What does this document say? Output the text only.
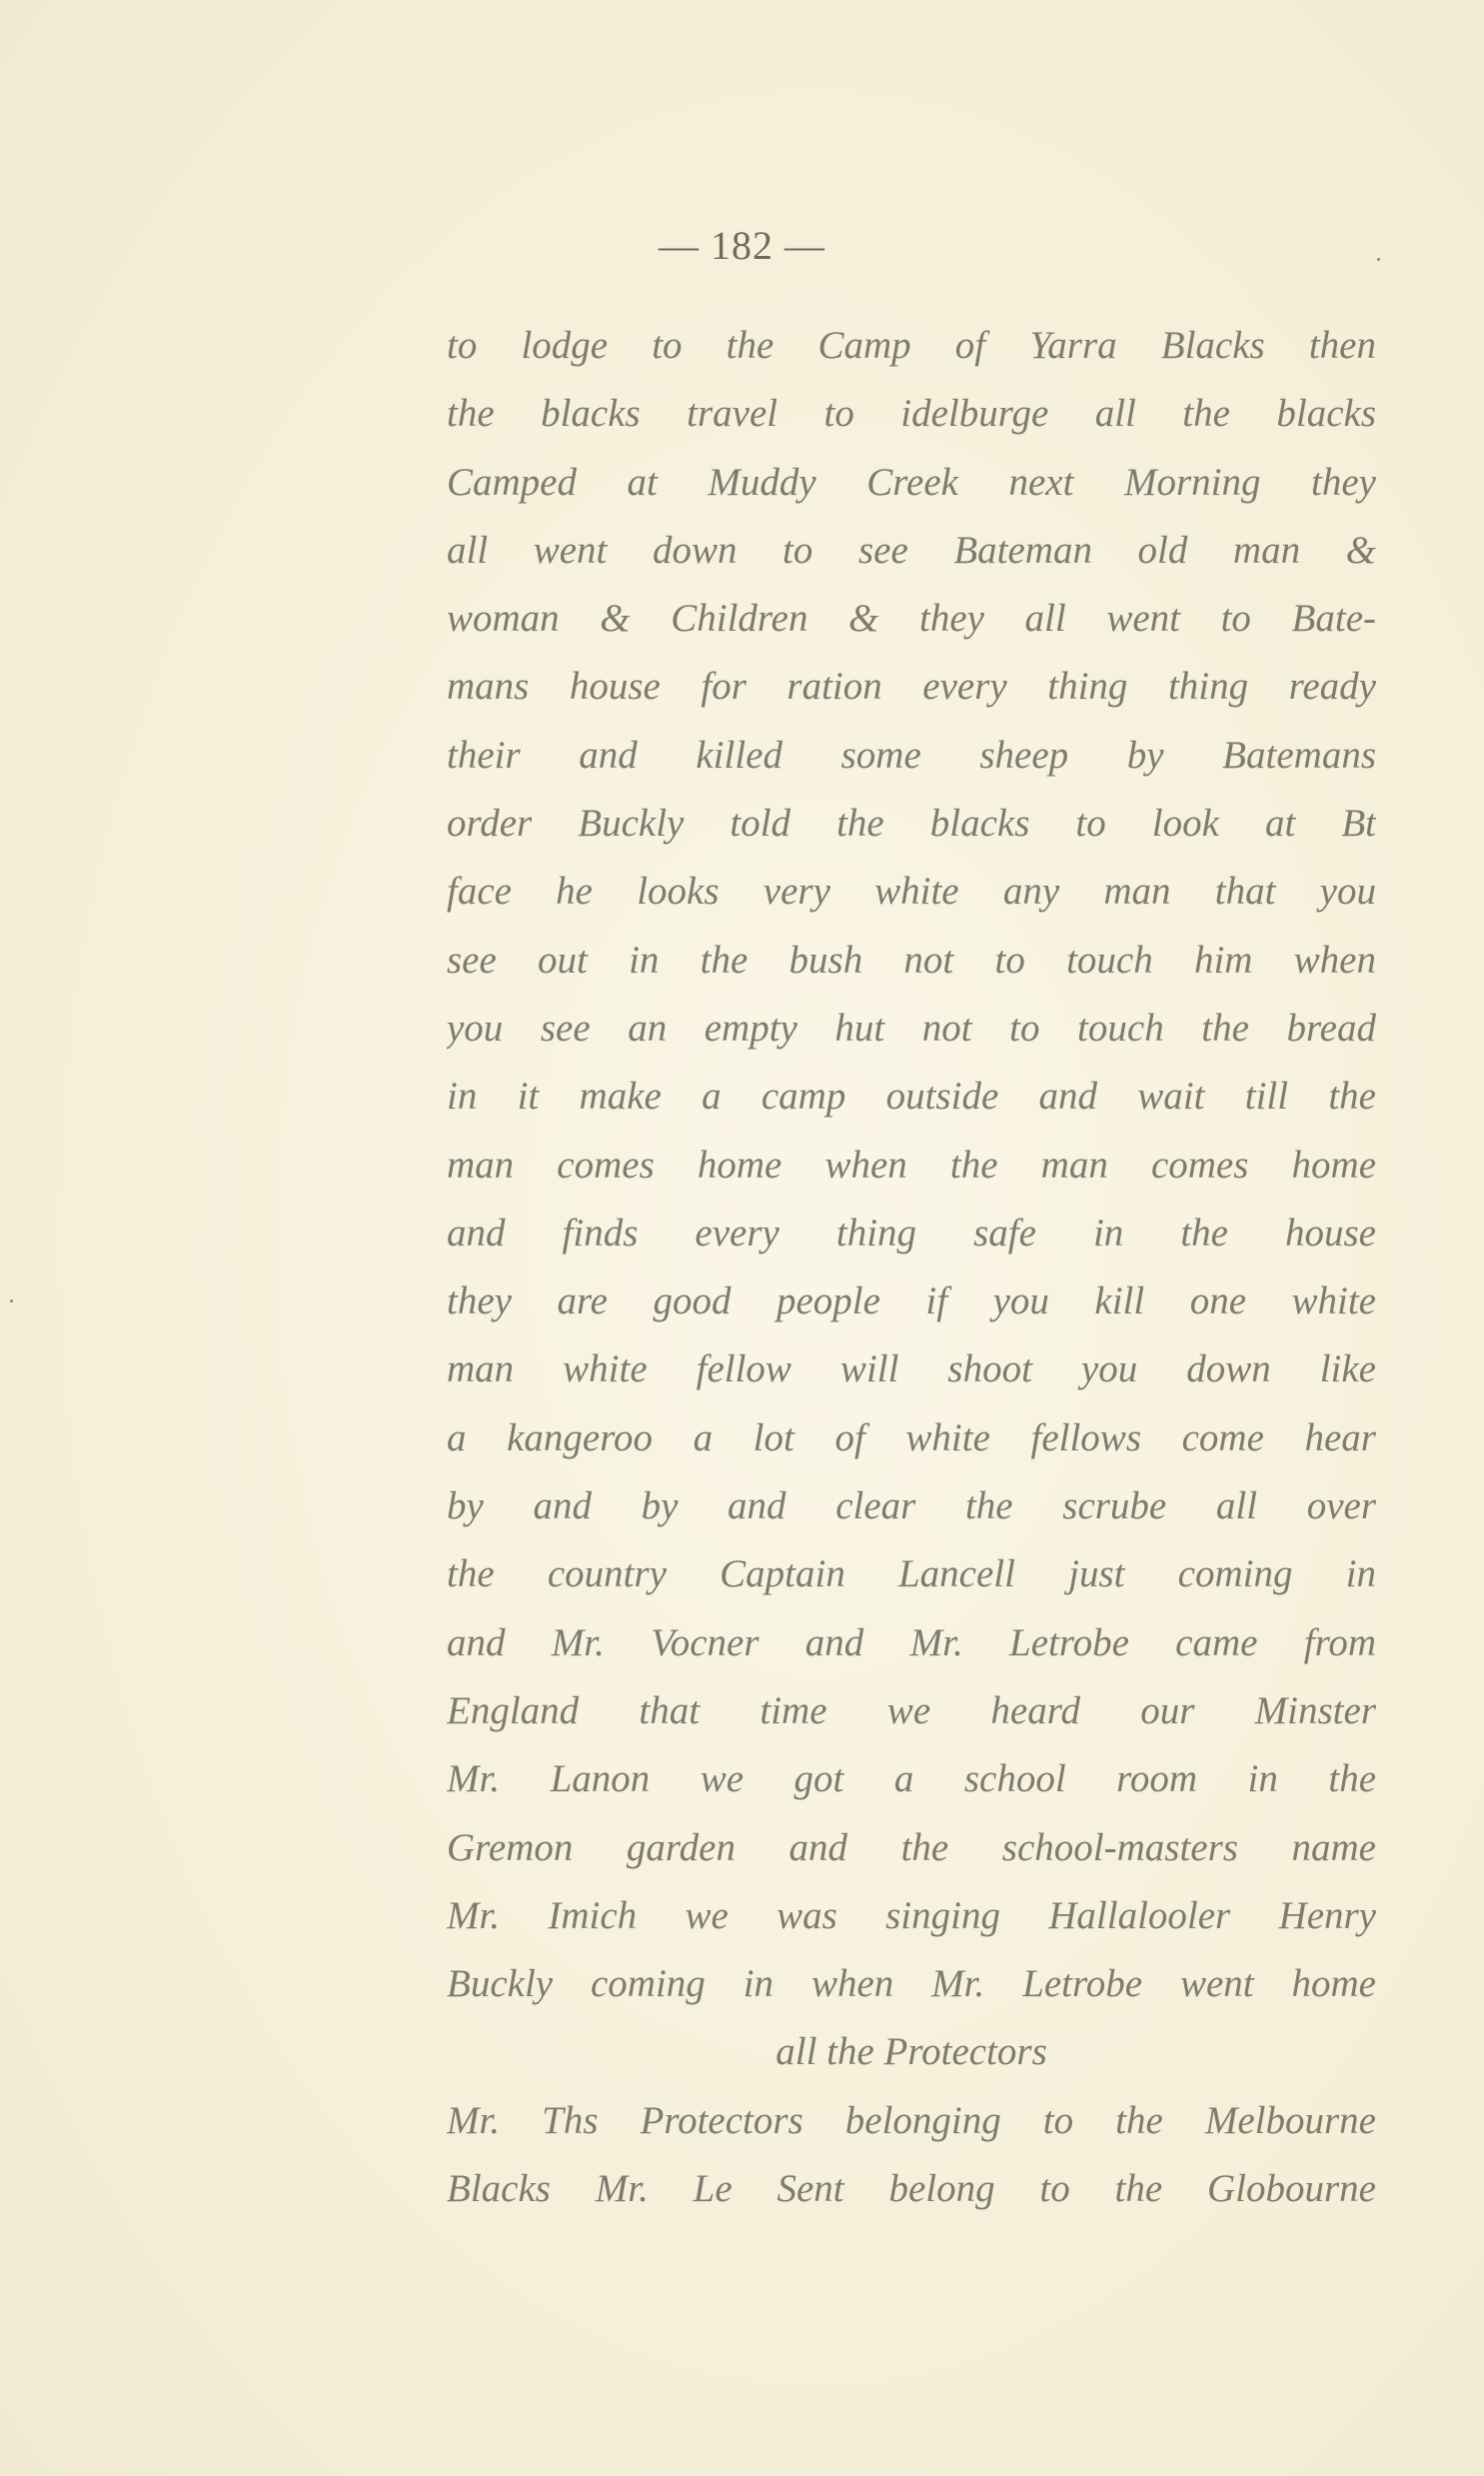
— 182 —
to lodge to the Camp of Yarra Blacks then
the blacks travel to idelburge all the blacks
Camped at Muddy Creek next Morning they
all went down to see Bateman old man &
woman & Children & they all went to Bate-
mans house for ration every thing thing ready
their and killed some sheep by Batemans
order Buckly told the blacks to look at Bt
face he looks very white any man that you
see out in the bush not to touch him when
you see an empty hut not to touch the bread
in it make a camp outside and wait till the
man comes home when the man comes home
and finds every thing safe in the house
they are good people if you kill one white
man white fellow will shoot you down like
a kangeroo a lot of white fellows come hear
by and by and clear the scrube all over
the country Captain Lancell just coming in
and Mr. Vocner and Mr. Letrobe came from
England that time we heard our Minster
Mr. Lanon we got a school room in the
Gremon garden and the school-masters name
Mr. Imich we was singing Hallalooler Henry
Buckly coming in when Mr. Letrobe went home
all the Protectors
Mr. Ths Protectors belonging to the Melbourne
Blacks Mr. Le Sent belong to the Globourne
